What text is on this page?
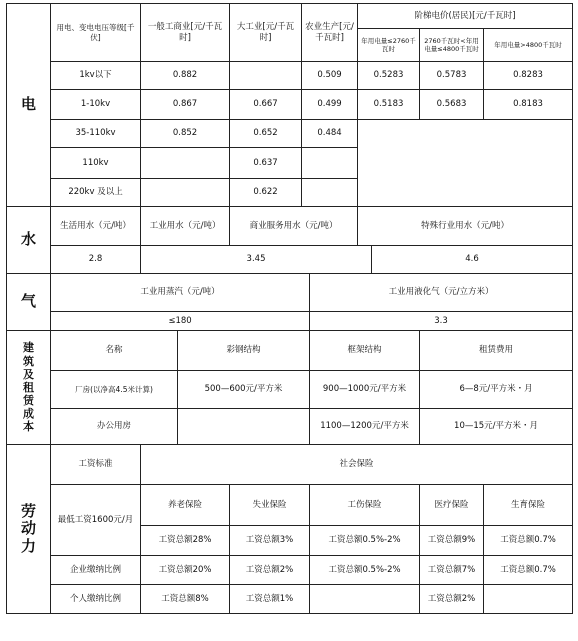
电	用电、变电电压等级[千伏]	一般工商业[元/千瓦时]		大工业[元/千瓦时]	农业生产[元/千瓦时]		阶梯电价(居民)[元/千瓦时]			
							年用电量≤2760千瓦时		2760千瓦时<年用电量≤4800千瓦时	年用电量>4800千瓦时
	1kv以下	0.882			0.509		0.5283		0.5783	0.8283
	1-10kv	0.867		0.667	0.499		0.5183		0.5683	0.8183
	35-110kv	0.852		0.652	0.484					
	110kv			0.637						
	220kv 及以上			0.622						
水	生活用水（元/吨）	工业用水（元/吨）		商业服务用水（元/吨）			特殊行业用水（元/吨）			
	2.8	3.45						4.6		
气	工业用蒸汽（元/吨）					工业用液化气（元/立方米）				
	≤180					3.3				
建筑及租赁成本	名称		彩钢结构			框架结构			租赁费用	
	厂房(以净高4.5米计算)		500—600元/平方米			900—1000元/平方米			6—8元/平方米・月	
	办公用房					1100—1200元/平方米			10—15元/平方米・月	
劳动力	工资标准	社会保险								
	最低工资1600元/月	养老保险		失业保险		工伤保险			医疗保险	生育保险
		工资总额28%		工资总额3%		工资总额0.5%-2%			工资总额9%	工资总额0.7%
	企业缴纳比例	工资总额20%		工资总额2%		工资总额0.5%-2%			工资总额7%	工资总额0.7%
	个人缴纳比例	工资总额8%		工资总额1%					工资总额2%	
